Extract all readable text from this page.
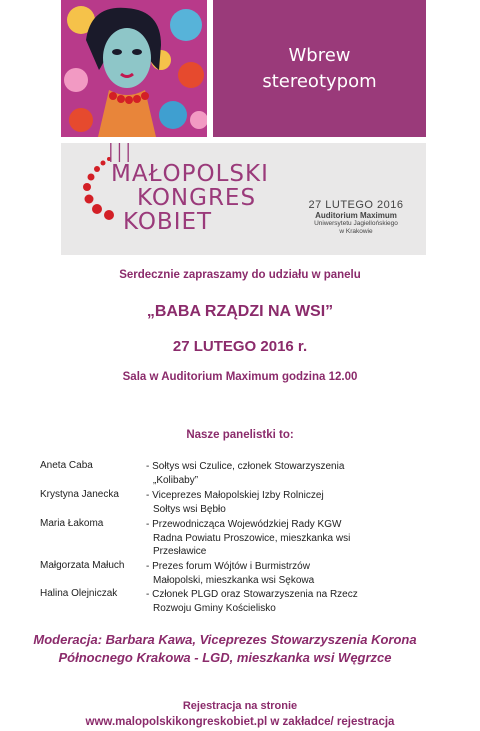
Wbrew
stereotypom
III
MAŁOPOLSKI
KONGRES
KOBIET
27 LUTEGO 2016
Auditorium Maximum
Uniwersytetu Jagiellońskiego
w Krakowie
Serdecznie zapraszamy do udziału w panelu
„BABA RZĄDZI NA WSI”
27 LUTEGO 2016 r.
Sala w Auditorium Maximum godzina 12.00
Nasze panelistki to:
Aneta Caba	- Sołtys wsi Czulice, członek Stowarzyszenia
„Kolibaby”
Krystyna Janecka	- Viceprezes Małopolskiej Izby Rolniczej
Sołtys wsi Bębło
Maria Łakoma	- Przewodnicząca Wojewódzkiej Rady KGW
Radna Powiatu Proszowice, mieszkanka wsi
Przesławice
Małgorzata Małuch - Prezes forum Wójtów i Burmistrzów
Małopolski, mieszkanka wsi Sękowa
Halina Olejniczak	- Członek PLGD oraz Stowarzyszenia na Rzecz
Rozwoju Gminy Kościelisko
Moderacja: Barbara Kawa, Viceprezes Stowarzyszenia Korona
Północnego Krakowa - LGD, mieszkanka wsi Węgrzce
Rejestracja na stronie
www.malopolskikongreskobiet.pl w zakładce/ rejestracja
